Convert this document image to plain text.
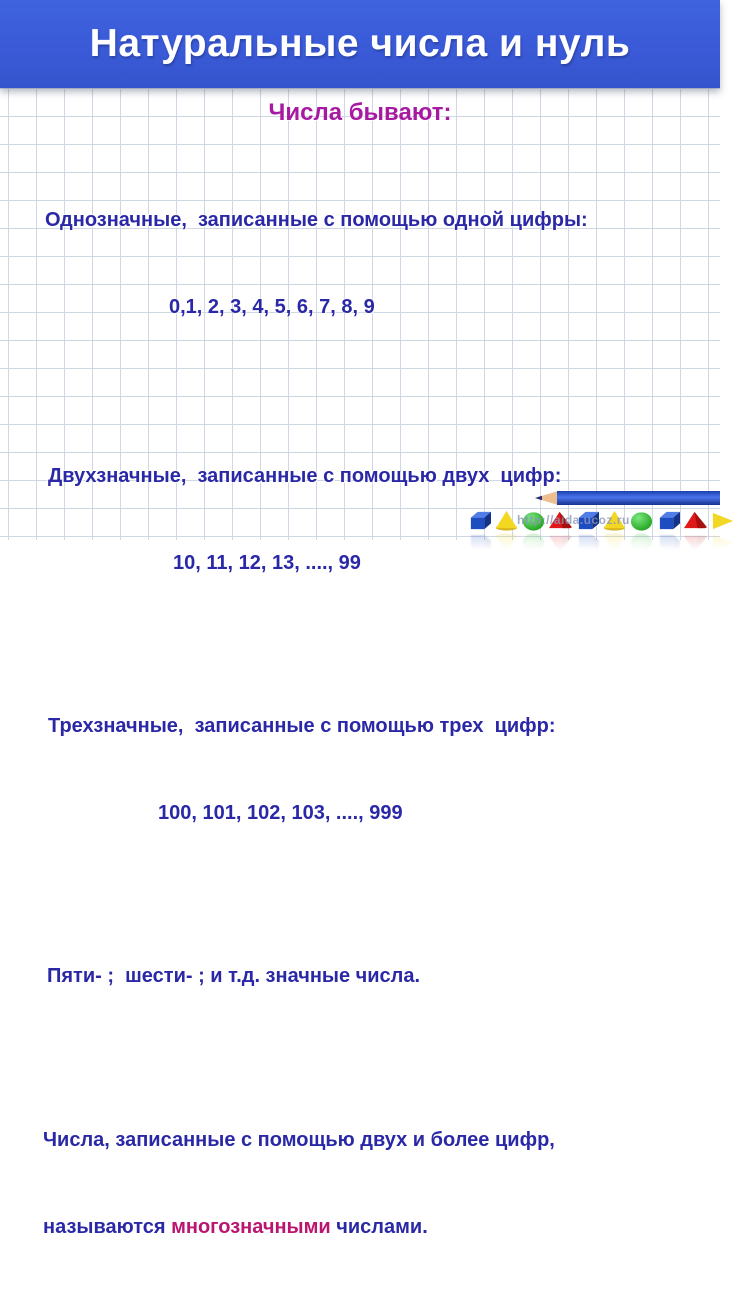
Натуральные числа и нуль
Числа бывают:

Однозначные,  записанные с помощью одной цифры:

0,1, 2, 3, 4, 5, 6, 7, 8, 9

Двухзначные,  записанные с помощью двух  цифр:

10, 11, 12, 13, ...., 99

Трехзначные,  записанные с помощью трех  цифр:

100, 101, 102, 103, ...., 999

Пяти- ;  шести- ; и т.д. значные числа.

Числа, записанные с помощью двух и более цифр,

называются многозначными числами.

http://aida.ucoz.ru
